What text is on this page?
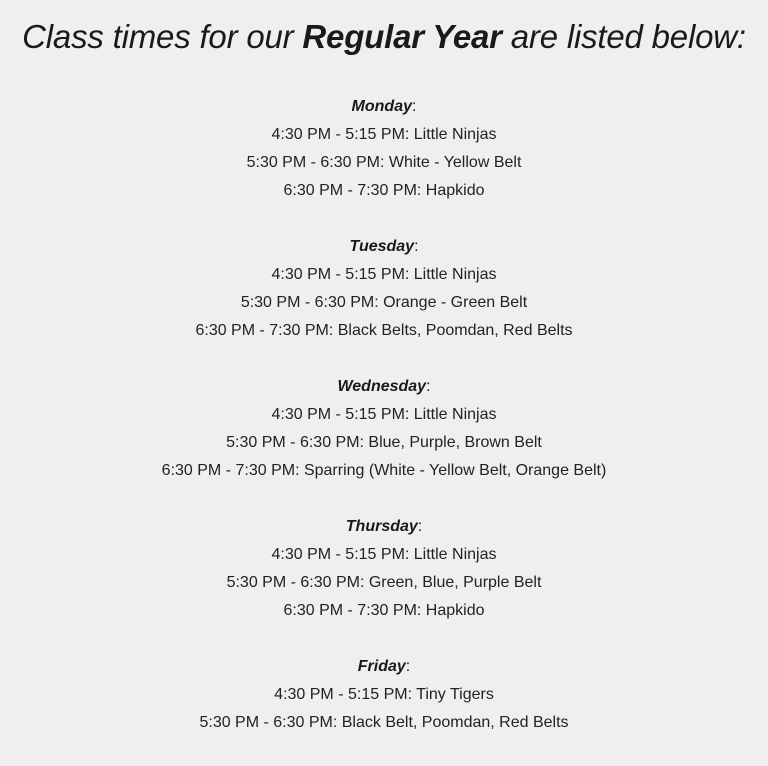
Class times for our Regular Year are listed below:
Monday:
4:30 PM - 5:15 PM: Little Ninjas
5:30 PM - 6:30 PM: White - Yellow Belt
6:30 PM - 7:30 PM: Hapkido
Tuesday:
4:30 PM - 5:15 PM: Little Ninjas
5:30 PM - 6:30 PM: Orange - Green Belt
6:30 PM - 7:30 PM: Black Belts, Poomdan, Red Belts
Wednesday:
4:30 PM - 5:15 PM: Little Ninjas
5:30 PM - 6:30 PM: Blue, Purple, Brown Belt
6:30 PM - 7:30 PM: Sparring (White - Yellow Belt, Orange Belt)
Thursday:
4:30 PM - 5:15 PM: Little Ninjas
5:30 PM - 6:30 PM: Green, Blue, Purple Belt
6:30 PM - 7:30 PM: Hapkido
Friday:
4:30 PM - 5:15 PM: Tiny Tigers
5:30 PM - 6:30 PM: Black Belt, Poomdan, Red Belts
